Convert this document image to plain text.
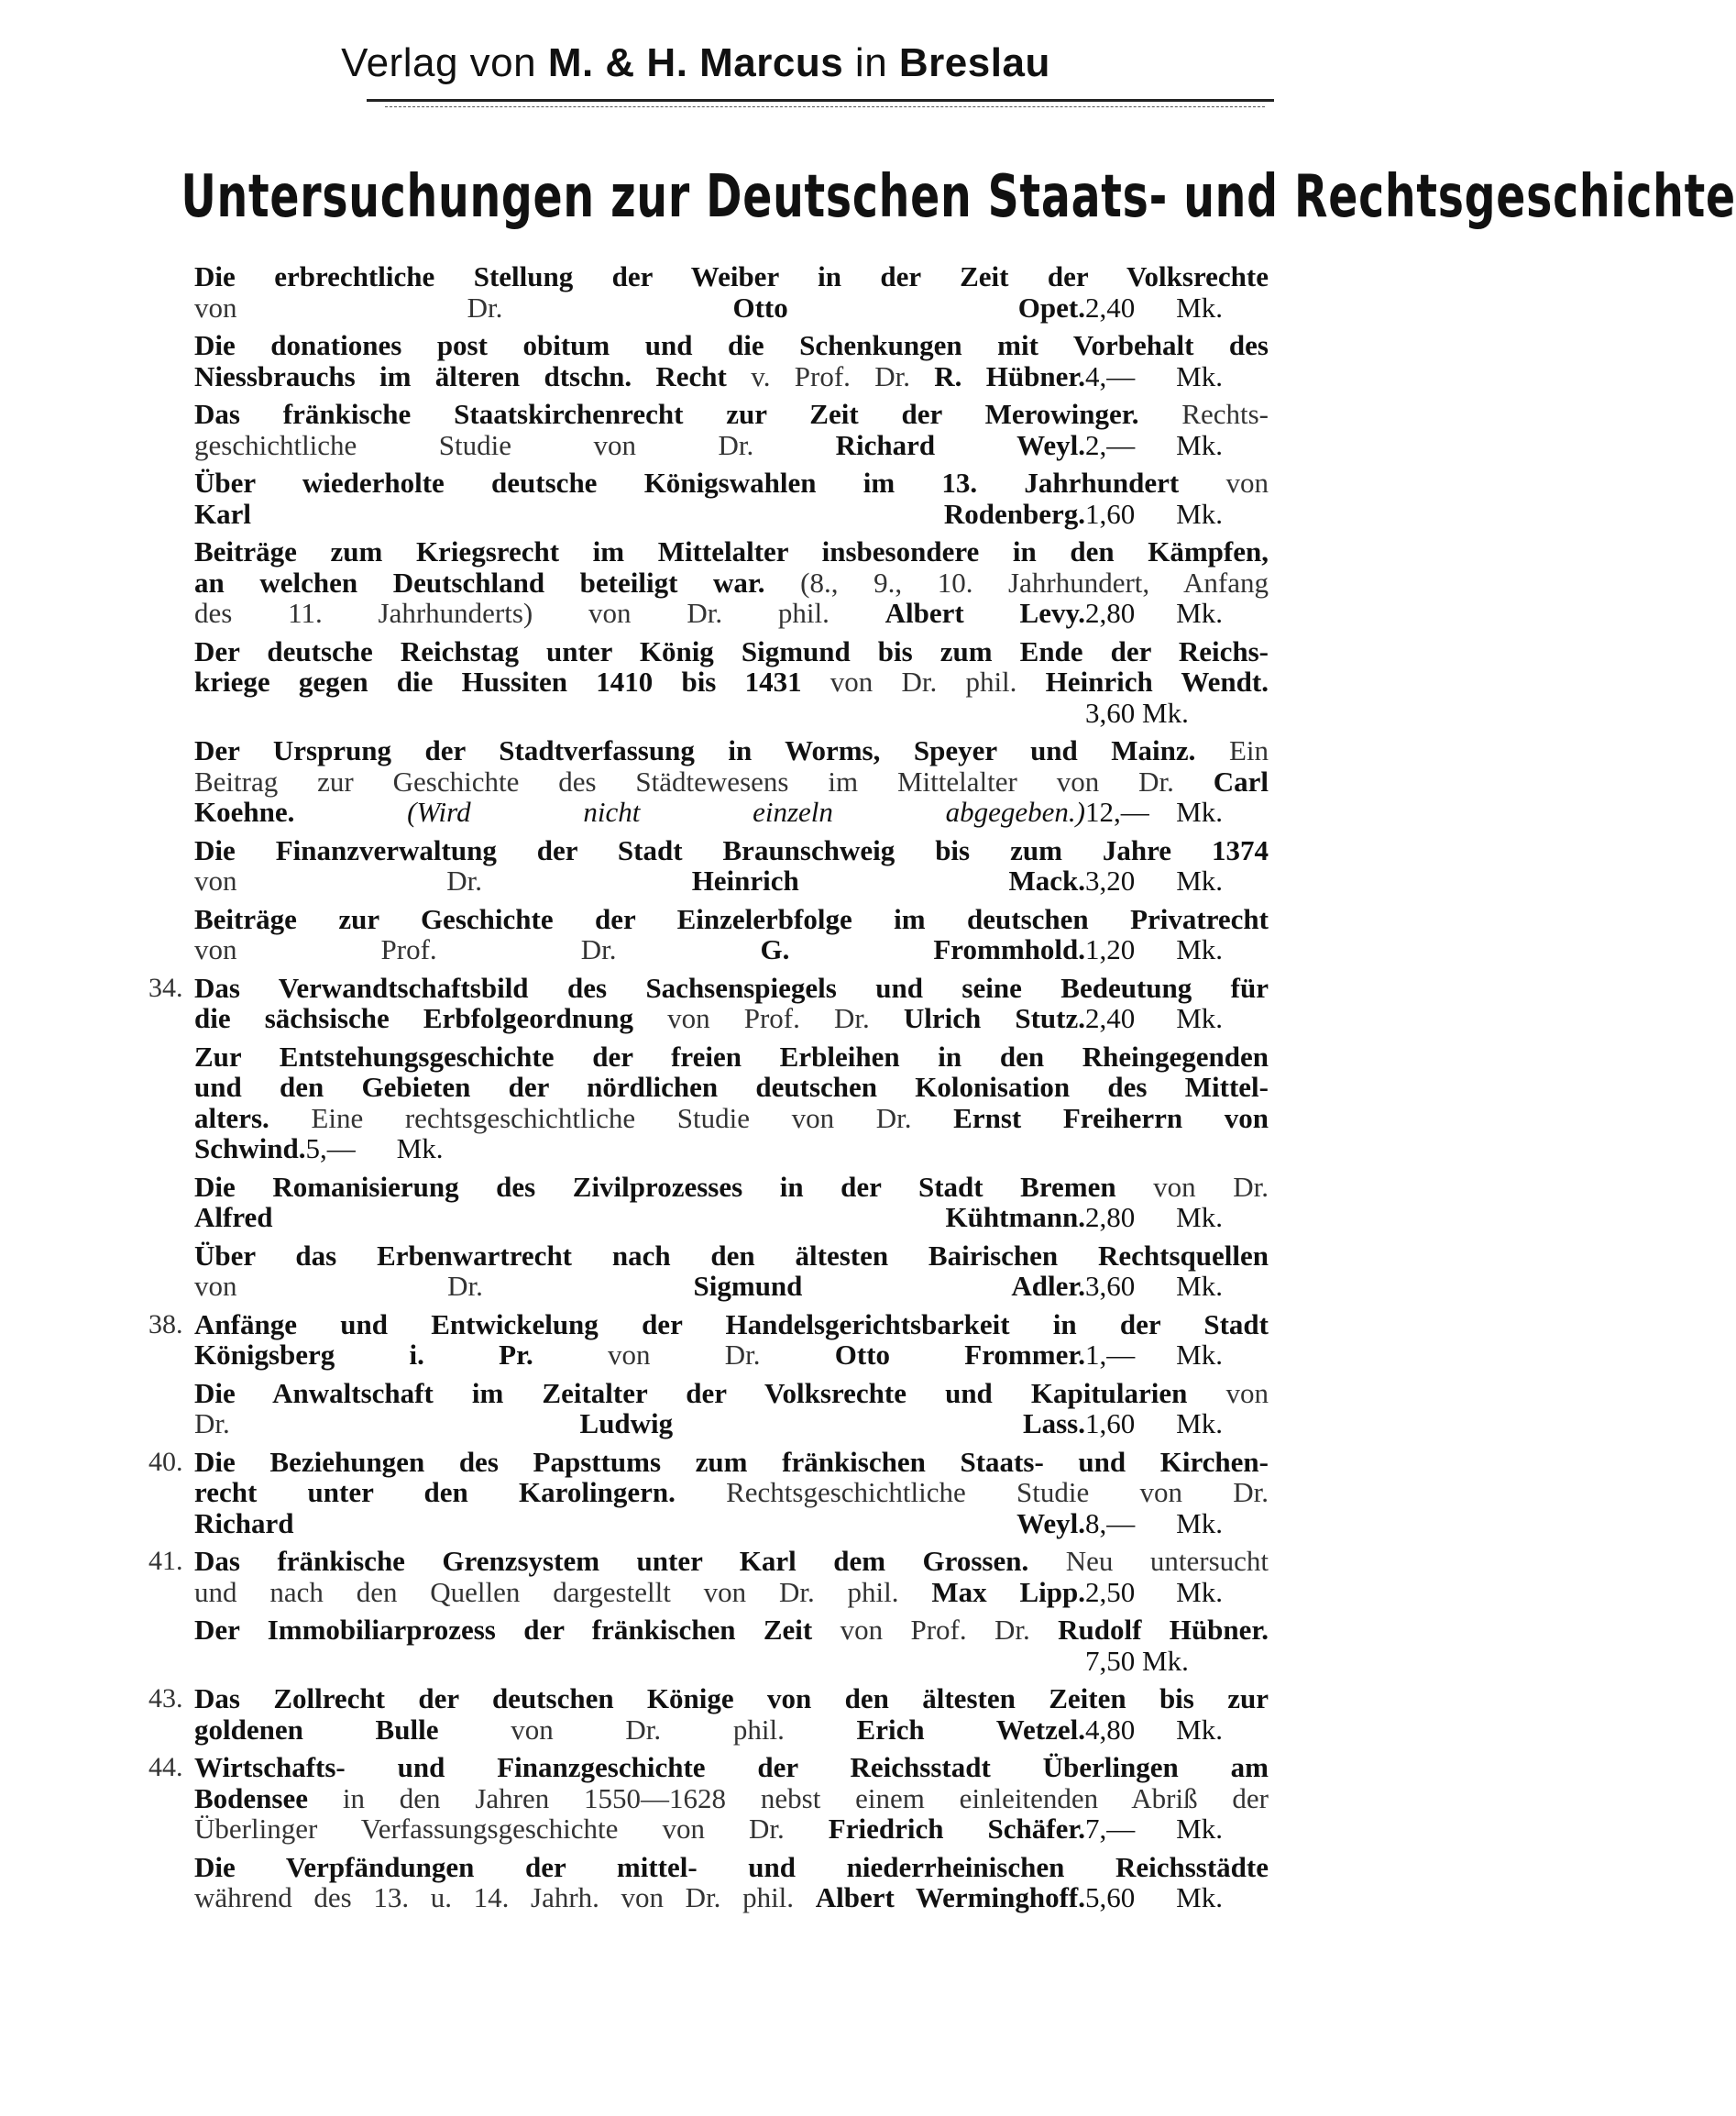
Verlag von M. & H. Marcus in Breslau
Untersuchungen zur Deutschen Staats- und Rechtsgeschichte
Die erbrechtliche Stellung der Weiber in der Zeit der Volksrechte
von Dr. Otto Opet.2,40 Mk.
Die donationes post obitum und die Schenkungen mit Vorbehalt des
Niessbrauchs im älteren dtschn. Recht v. Prof. Dr. R. Hübner.4,— Mk.
Das fränkische Staatskirchenrecht zur Zeit der Merowinger. Rechts-
geschichtliche Studie von Dr. Richard Weyl.2,— Mk.
Über wiederholte deutsche Königswahlen im 13. Jahrhundert von
Karl Rodenberg.1,60 Mk.
Beiträge zum Kriegsrecht im Mittelalter insbesondere in den Kämpfen,
an welchen Deutschland beteiligt war. (8., 9., 10. Jahrhundert, Anfang
des 11. Jahrhunderts) von Dr. phil. Albert Levy.2,80 Mk.
Der deutsche Reichstag unter König Sigmund bis zum Ende der Reichs-
kriege gegen die Hussiten 1410 bis 1431 von Dr. phil. Heinrich Wendt.
3,60 Mk.
Der Ursprung der Stadtverfassung in Worms, Speyer und Mainz. Ein
Beitrag zur Geschichte des Städtewesens im Mittelalter von Dr. Carl
Koehne. (Wird nicht einzeln abgegeben.)12,— Mk.
Die Finanzverwaltung der Stadt Braunschweig bis zum Jahre 1374
von Dr. Heinrich Mack.3,20 Mk.
Beiträge zur Geschichte der Einzelerbfolge im deutschen Privatrecht
von Prof. Dr. G. Frommhold.1,20 Mk.
34. Das Verwandtschaftsbild des Sachsenspiegels und seine Bedeutung für
die sächsische Erbfolgeordnung von Prof. Dr. Ulrich Stutz.2,40 Mk.
Zur Entstehungsgeschichte der freien Erbleihen in den Rheingegenden
und den Gebieten der nördlichen deutschen Kolonisation des Mittel-
alters. Eine rechtsgeschichtliche Studie von Dr. Ernst Freiherrn von
Schwind.5,— Mk.
Die Romanisierung des Zivilprozesses in der Stadt Bremen von Dr.
Alfred Kühtmann.2,80 Mk.
Über das Erbenwartrecht nach den ältesten Bairischen Rechtsquellen
von Dr. Sigmund Adler.3,60 Mk.
38. Anfänge und Entwickelung der Handelsgerichtsbarkeit in der Stadt
Königsberg i. Pr. von Dr. Otto Frommer.1,— Mk.
Die Anwaltschaft im Zeitalter der Volksrechte und Kapitularien von
Dr. Ludwig Lass.1,60 Mk.
40. Die Beziehungen des Papsttums zum fränkischen Staats- und Kirchen-
recht unter den Karolingern. Rechtsgeschichtliche Studie von Dr.
Richard Weyl.8,— Mk.
41. Das fränkische Grenzsystem unter Karl dem Grossen. Neu untersucht
und nach den Quellen dargestellt von Dr. phil. Max Lipp.2,50 Mk.
Der Immobiliarprozess der fränkischen Zeit von Prof. Dr. Rudolf Hübner.
7,50 Mk.
43. Das Zollrecht der deutschen Könige von den ältesten Zeiten bis zur
goldenen Bulle von Dr. phil. Erich Wetzel.4,80 Mk.
44. Wirtschafts- und Finanzgeschichte der Reichsstadt Überlingen am
Bodensee in den Jahren 1550—1628 nebst einem einleitenden Abriß der
Überlinger Verfassungsgeschichte von Dr. Friedrich Schäfer.7,— Mk.
Die Verpfändungen der mittel- und niederrheinischen Reichsstädte
während des 13. u. 14. Jahrh. von Dr. phil. Albert Werminghoff.5,60 Mk.
